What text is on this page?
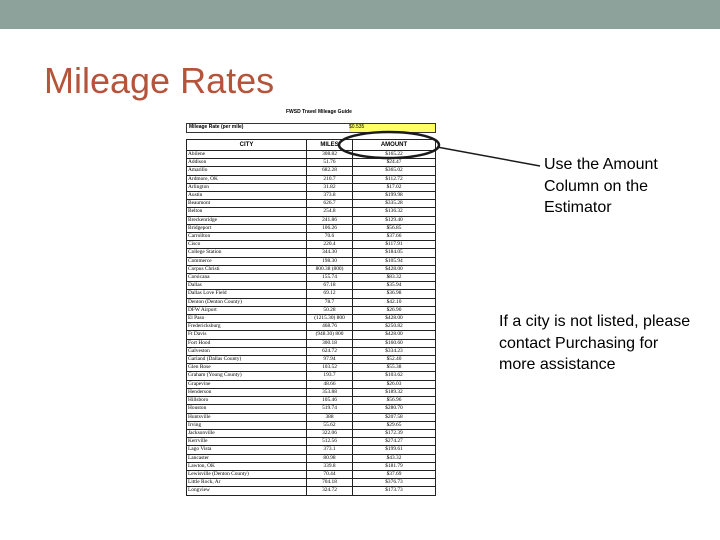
Mileage Rates
FWSD Travel Mileage Guide
Mileage Rate (per mile)	$0.535
CITY	MILES	AMOUNT
Abilene	308.82	$165.22
Addison	51.76	$24.47
Amarillo	682.28	$365.02
Ardmore, OK	210.7	$112.72
Arlington	31.82	$17.02
Austin	373.8	$199.98
Beaumont	626.7	$335.28
Belton	254.8	$136.32
Breckenridge	241.86	$129.40
Bridgeport	106.26	$56.85
Carrollton	70.6	$37.66
Cisco	220.4	$117.91
College Station	344.30	$184.05
Commerce	198.30	$105.94
Corpus Christi	800.38 (800)	$428.00
Corsicana	155.74	$83.32
Dallas	67.18	$35.94
Dallas Love Field	69.12	$36.98
Denton (Denton County)	78.7	$42.10
DFW Airport	50.28	$26.90
El Paso	(1215.30) 800	$428.00
Fredericksburg	468.76	$250.82
Ft Davis	(948.30) 800	$428.00
Fort Hood	300.18	$160.60
Galveston	624.72	$334.23
Garland (Dallas County)	97.94	$52.40
Glen Rose	103.52	$55.38
Graham (Young County)	193.7	$103.62
Grapevine	48.66	$26.03
Henderson	353.88	$189.32
Hillsboro	105.46	$56.96
Houston	519.74	$280.70
Huntsville	388	$207.58
Irving	55.62	$29.65
Jacksonville	322.06	$172.39
Kerrville	512.56	$274.27
Lago Vista	373.1	$199.61
Lancaster	80.98	$43.32
Lawton, OK	339.8	$181.79
Lewisville (Denton County)	70.44	$37.69
Little Rock, Ar	704.18	$376.73
Longview	324.72	$173.73
Use the Amount Column on the Estimator
If a city is not listed, please contact Purchasing for more assistance
